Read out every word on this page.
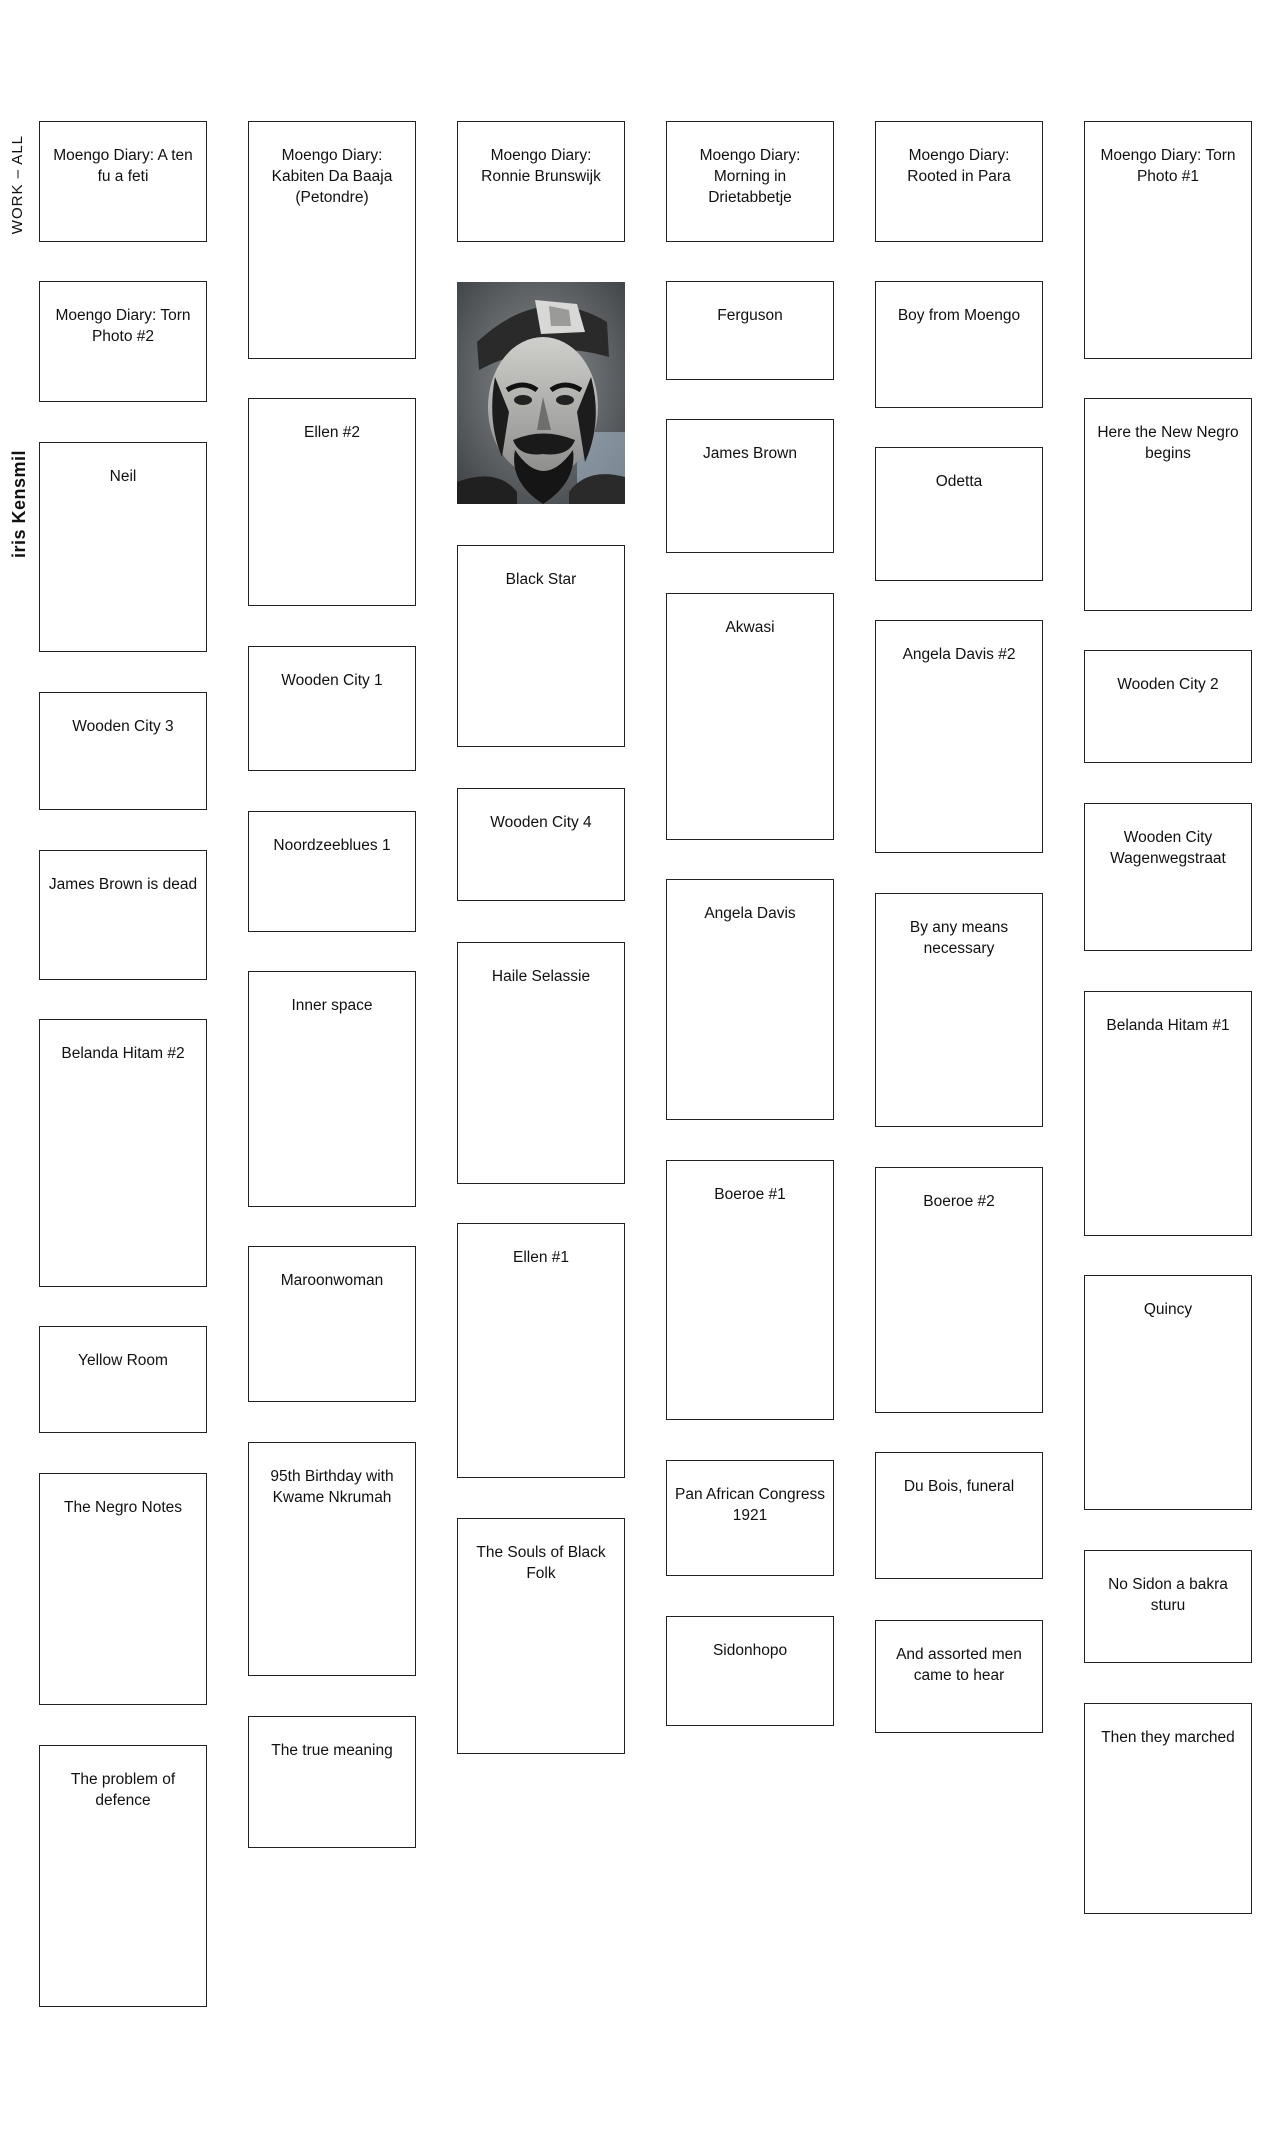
WORK – ALL
iris Kensmil
Moengo Diary: A ten fu a feti
Moengo Diary: Torn Photo #2
Neil
Wooden City 3
James Brown is dead
Belanda Hitam #2
Yellow Room
The Negro Notes
The problem of defence
Moengo Diary: Kabiten Da Baaja (Petondre)
Ellen #2
Wooden City 1
Noordzeeblues 1
Inner space
Maroonwoman
95th Birthday with Kwame Nkrumah
The true meaning
Moengo Diary: Ronnie Brunswijk
Black Star
Wooden City 4
Haile Selassie
Ellen #1
The Souls of Black Folk
Moengo Diary: Morning in Drietabbetje
Ferguson
James Brown
Akwasi
Angela Davis
Boeroe #1
Pan African Congress 1921
Sidonhopo
Moengo Diary: Rooted in Para
Boy from Moengo
Odetta
Angela Davis #2
By any means necessary
Boeroe #2
Du Bois, funeral
And assorted men came to hear
Moengo Diary: Torn Photo #1
Here the New Negro begins
Wooden City 2
Wooden City Wagenwegstraat
Belanda Hitam #1
Quincy
No Sidon a bakra sturu
Then they marched
